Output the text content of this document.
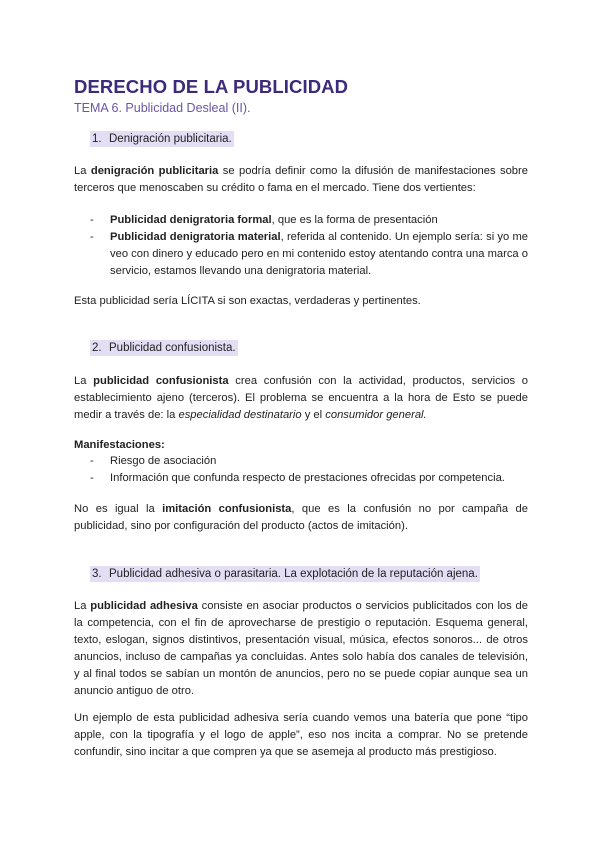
DERECHO DE LA PUBLICIDAD
TEMA 6. Publicidad Desleal (II).
1. Denigración publicitaria.

La denigración publicitaria se podría definir como la difusión de manifestaciones sobre terceros que menoscaben su crédito o fama en el mercado. Tiene dos vertientes:

- Publicidad denigratoria formal, que es la forma de presentación
- Publicidad denigratoria material, referida al contenido. Un ejemplo sería: si yo me veo con dinero y educado pero en mi contenido estoy atentando contra una marca o servicio, estamos llevando una denigratoria material.

Esta publicidad sería LÍCITA si son exactas, verdaderas y pertinentes.

2. Publicidad confusionista.

La publicidad confusionista crea confusión con la actividad, productos, servicios o establecimiento ajeno (terceros). El problema se encuentra a la hora de Esto se puede medir a través de: la especialidad destinatario y el consumidor general.

Manifestaciones:

- Riesgo de asociación
- Información que confunda respecto de prestaciones ofrecidas por competencia.

No es igual la imitación confusionista, que es la confusión no por campaña de publicidad, sino por configuración del producto (actos de imitación).

3. Publicidad adhesiva o parasitaria. La explotación de la reputación ajena.

La publicidad adhesiva consiste en asociar productos o servicios publicitados con los de la competencia, con el fin de aprovecharse de prestigio o reputación. Esquema general, texto, eslogan, signos distintivos, presentación visual, música, efectos sonoros... de otros anuncios, incluso de campañas ya concluidas. Antes solo había dos canales de televisión, y al final todos se sabían un montón de anuncios, pero no se puede copiar aunque sea un anuncio antiguo de otro.

Un ejemplo de esta publicidad adhesiva sería cuando vemos una batería que pone “tipo apple, con la tipografía y el logo de apple”, eso nos incita a comprar. No se pretende confundir, sino incitar a que compren ya que se asemeja al producto más prestigioso.
